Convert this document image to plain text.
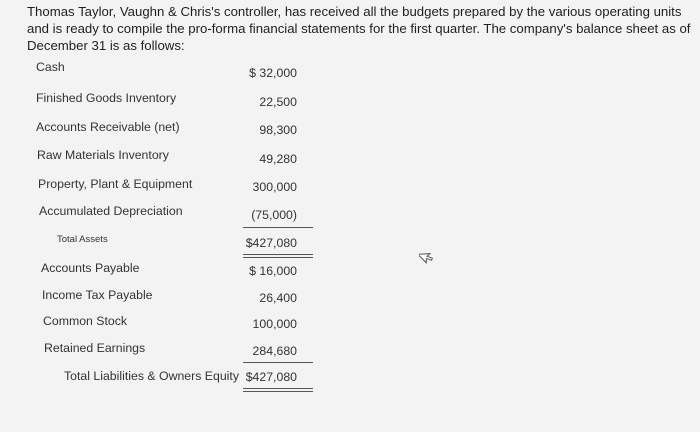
Thomas Taylor, Vaughn & Chris's controller, has received all the budgets prepared by the various operating units and is ready to compile the pro-forma financial statements for the first quarter. The company's balance sheet as of December 31 is as follows:
Cash	$ 32,000
Finished Goods Inventory	22,500
Accounts Receivable (net)	98,300
Raw Materials Inventory	49,280
Property, Plant & Equipment	300,000
Accumulated Depreciation	(75,000)
Total Assets	$427,080
Accounts Payable	$ 16,000
Income Tax Payable	26,400
Common Stock	100,000
Retained Earnings	284,680
Total Liabilities & Owners Equity $427,080
